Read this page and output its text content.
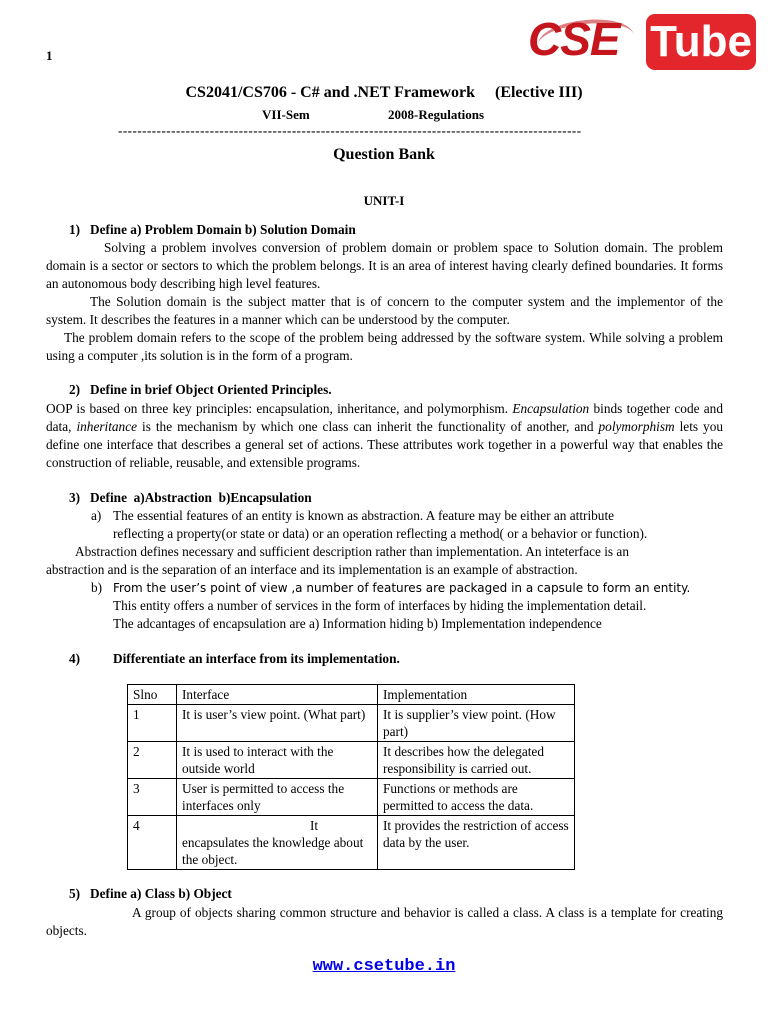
1	CSE Tube
CS2041/CS706 - C# and .NET Framework     (Elective III)
VII-Sem	2008-Regulations
------------------------------------------------------------------------------------------------
Question Bank
UNIT-I
1)   Define a) Problem Domain b) Solution Domain
Solving a problem involves conversion of problem domain or problem space to Solution domain. The problem domain is a sector or sectors to which the problem belongs. It is an area of interest having clearly defined boundaries. It forms an autonomous body describing high level features.
The Solution domain is the subject matter that is of concern to the computer system and the implementor of the system. It describes the features in a manner which can be understood by the computer.
The problem domain refers to the scope of the problem being addressed by the software system. While solving a problem using a computer ,its solution is in the form of a program.
2)   Define in brief Object Oriented Principles.
OOP is based on three key principles: encapsulation, inheritance, and polymorphism. Encapsulation binds together code and data, inheritance is the mechanism by which one class can inherit the functionality of another, and polymorphism lets you define one interface that describes a general set of actions. These attributes work together in a powerful way that enables the construction of reliable, reusable, and extensible programs.
3)   Define  a)Abstraction  b)Encapsulation
a) The essential features of an entity is known as abstraction. A feature may be either an attribute
reflecting a property(or state or data) or an operation reflecting a method( or a behavior or function).
Abstraction defines necessary and sufficient description rather than implementation. An inteterface is an
abstraction and is the separation of an interface and its implementation is an example of abstraction.
b) From the user’s point of view ,a number of features are packaged in a capsule to form an entity.
This entity offers a number of services in the form of interfaces by hiding the implementation detail.
The adcantages of encapsulation are a) Information hiding b) Implementation independence
4) Differentiate an interface from its implementation.
Slno	Interface	Implementation
1	It is user’s view point. (What part)	It is supplier’s view point. (How part)
2	It is used to interact with the outside world	It describes how the delegated responsibility is carried out.
3	User is permitted to access the interfaces only	Functions or methods are permitted to access the data.
4	It encapsulates the knowledge about the object.	It provides the restriction of access data by the user.
5)   Define a) Class b) Object
A group of objects sharing common structure and behavior is called a class. A class is a template for creating objects.
www.csetube.in
